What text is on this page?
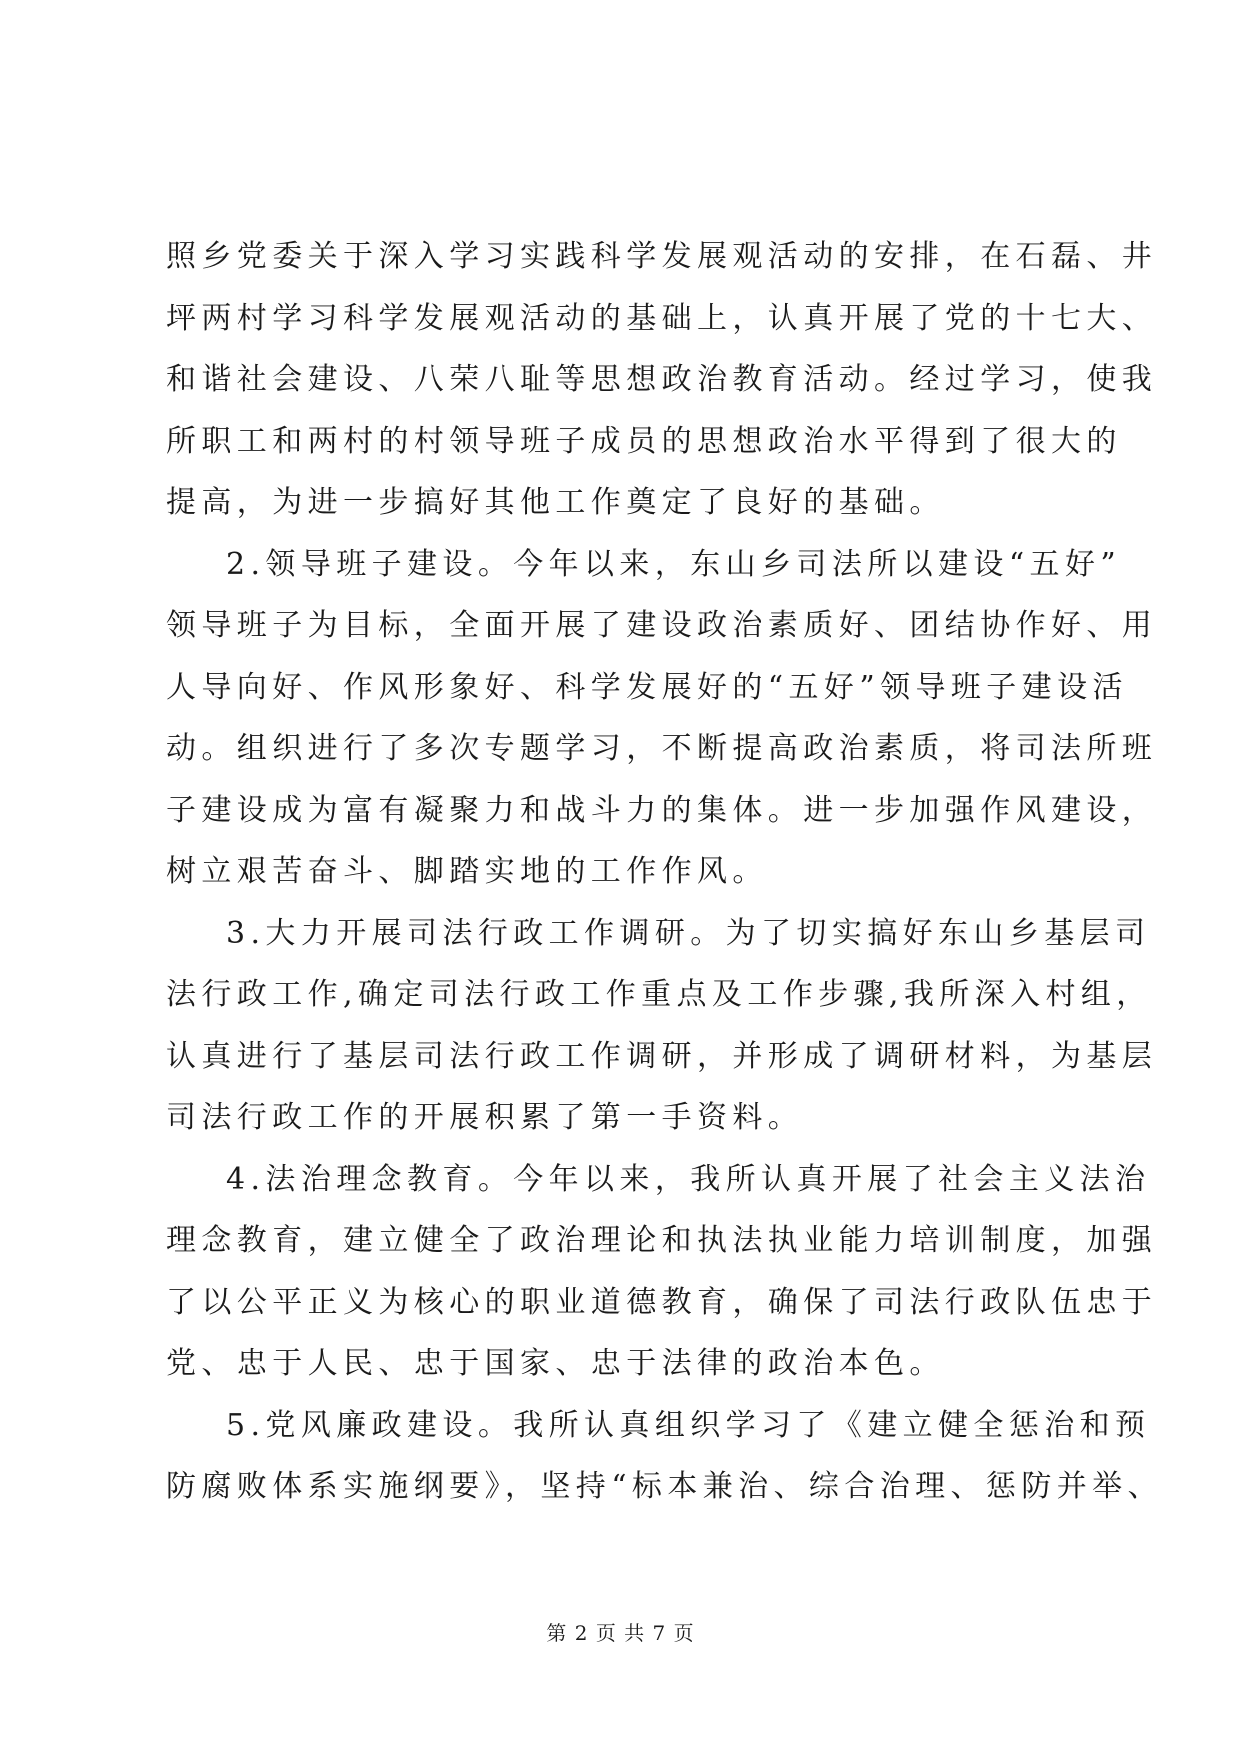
照乡党委关于深入学习实践科学发展观活动的安排，在石磊、井
坪两村学习科学发展观活动的基础上，认真开展了党的十七大、
和谐社会建设、八荣八耻等思想政治教育活动。经过学习，使我
所职工和两村的村领导班子成员的思想政治水平得到了很大的
提高，为进一步搞好其他工作奠定了良好的基础。
2.领导班子建设。今年以来，东山乡司法所以建设“五好”
领导班子为目标，全面开展了建设政治素质好、团结协作好、用
人导向好、作风形象好、科学发展好的“五好”领导班子建设活
动。组织进行了多次专题学习，不断提高政治素质，将司法所班
子建设成为富有凝聚力和战斗力的集体。进一步加强作风建设，
树立艰苦奋斗、脚踏实地的工作作风。
3.大力开展司法行政工作调研。为了切实搞好东山乡基层司
法行政工作,确定司法行政工作重点及工作步骤,我所深入村组，
认真进行了基层司法行政工作调研，并形成了调研材料，为基层
司法行政工作的开展积累了第一手资料。
4.法治理念教育。今年以来，我所认真开展了社会主义法治
理念教育，建立健全了政治理论和执法执业能力培训制度，加强
了以公平正义为核心的职业道德教育，确保了司法行政队伍忠于
党、忠于人民、忠于国家、忠于法律的政治本色。
5.党风廉政建设。我所认真组织学习了《建立健全惩治和预
防腐败体系实施纲要》，坚持“标本兼治、综合治理、惩防并举、
第 2 页 共 7 页
